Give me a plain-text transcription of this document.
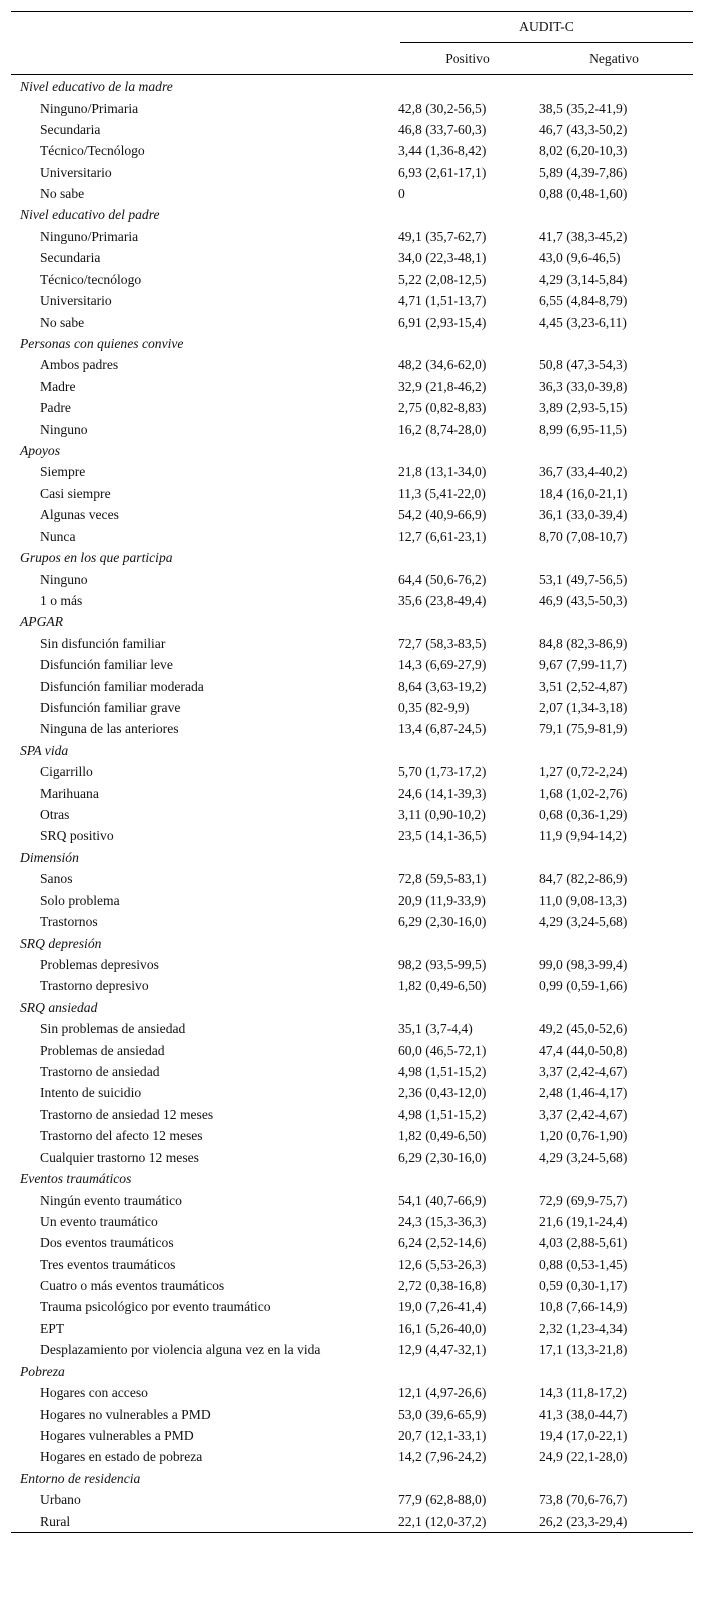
AUDIT-C
Positivo	Negativo
Nivel educativo de la madre
Ninguno/Primaria	42,8 (30,2-56,5)	38,5 (35,2-41,9)
Secundaria	46,8 (33,7-60,3)	46,7 (43,3-50,2)
Técnico/Tecnólogo	3,44 (1,36-8,42)	8,02 (6,20-10,3)
Universitario	6,93 (2,61-17,1)	5,89 (4,39-7,86)
No sabe	0	0,88 (0,48-1,60)
Nivel educativo del padre
Ninguno/Primaria	49,1 (35,7-62,7)	41,7 (38,3-45,2)
Secundaria	34,0 (22,3-48,1)	43,0 (9,6-46,5)
Técnico/tecnólogo	5,22 (2,08-12,5)	4,29 (3,14-5,84)
Universitario	4,71 (1,51-13,7)	6,55 (4,84-8,79)
No sabe	6,91 (2,93-15,4)	4,45 (3,23-6,11)
Personas con quienes convive
Ambos padres	48,2 (34,6-62,0)	50,8 (47,3-54,3)
Madre	32,9 (21,8-46,2)	36,3 (33,0-39,8)
Padre	2,75 (0,82-8,83)	3,89 (2,93-5,15)
Ninguno	16,2 (8,74-28,0)	8,99 (6,95-11,5)
Apoyos
Siempre	21,8 (13,1-34,0)	36,7 (33,4-40,2)
Casi siempre	11,3 (5,41-22,0)	18,4 (16,0-21,1)
Algunas veces	54,2 (40,9-66,9)	36,1 (33,0-39,4)
Nunca	12,7 (6,61-23,1)	8,70 (7,08-10,7)
Grupos en los que participa
Ninguno	64,4 (50,6-76,2)	53,1 (49,7-56,5)
1 o más	35,6 (23,8-49,4)	46,9 (43,5-50,3)
APGAR
Sin disfunción familiar	72,7 (58,3-83,5)	84,8 (82,3-86,9)
Disfunción familiar leve	14,3 (6,69-27,9)	9,67 (7,99-11,7)
Disfunción familiar moderada	8,64 (3,63-19,2)	3,51 (2,52-4,87)
Disfunción familiar grave	0,35 (82-9,9)	2,07 (1,34-3,18)
Ninguna de las anteriores	13,4 (6,87-24,5)	79,1 (75,9-81,9)
SPA vida
Cigarrillo	5,70 (1,73-17,2)	1,27 (0,72-2,24)
Marihuana	24,6 (14,1-39,3)	1,68 (1,02-2,76)
Otras	3,11 (0,90-10,2)	0,68 (0,36-1,29)
SRQ positivo	23,5 (14,1-36,5)	11,9 (9,94-14,2)
Dimensión
Sanos	72,8 (59,5-83,1)	84,7 (82,2-86,9)
Solo problema	20,9 (11,9-33,9)	11,0 (9,08-13,3)
Trastornos	6,29 (2,30-16,0)	4,29 (3,24-5,68)
SRQ depresión
Problemas depresivos	98,2 (93,5-99,5)	99,0 (98,3-99,4)
Trastorno depresivo	1,82 (0,49-6,50)	0,99 (0,59-1,66)
SRQ ansiedad
Sin problemas de ansiedad	35,1 (3,7-4,4)	49,2 (45,0-52,6)
Problemas de ansiedad	60,0 (46,5-72,1)	47,4 (44,0-50,8)
Trastorno de ansiedad	4,98 (1,51-15,2)	3,37 (2,42-4,67)
Intento de suicidio	2,36 (0,43-12,0)	2,48 (1,46-4,17)
Trastorno de ansiedad 12 meses	4,98 (1,51-15,2)	3,37 (2,42-4,67)
Trastorno del afecto 12 meses	1,82 (0,49-6,50)	1,20 (0,76-1,90)
Cualquier trastorno 12 meses	6,29 (2,30-16,0)	4,29 (3,24-5,68)
Eventos traumáticos
Ningún evento traumático	54,1 (40,7-66,9)	72,9 (69,9-75,7)
Un evento traumático	24,3 (15,3-36,3)	21,6 (19,1-24,4)
Dos eventos traumáticos	6,24 (2,52-14,6)	4,03 (2,88-5,61)
Tres eventos traumáticos	12,6 (5,53-26,3)	0,88 (0,53-1,45)
Cuatro o más eventos traumáticos	2,72 (0,38-16,8)	0,59 (0,30-1,17)
Trauma psicológico por evento traumático	19,0 (7,26-41,4)	10,8 (7,66-14,9)
EPT	16,1 (5,26-40,0)	2,32 (1,23-4,34)
Desplazamiento por violencia alguna vez en la vida	12,9 (4,47-32,1)	17,1 (13,3-21,8)
Pobreza
Hogares con acceso	12,1 (4,97-26,6)	14,3 (11,8-17,2)
Hogares no vulnerables a PMD	53,0 (39,6-65,9)	41,3 (38,0-44,7)
Hogares vulnerables a PMD	20,7 (12,1-33,1)	19,4 (17,0-22,1)
Hogares en estado de pobreza	14,2 (7,96-24,2)	24,9 (22,1-28,0)
Entorno de residencia
Urbano	77,9 (62,8-88,0)	73,8 (70,6-76,7)
Rural	22,1 (12,0-37,2)	26,2 (23,3-29,4)
